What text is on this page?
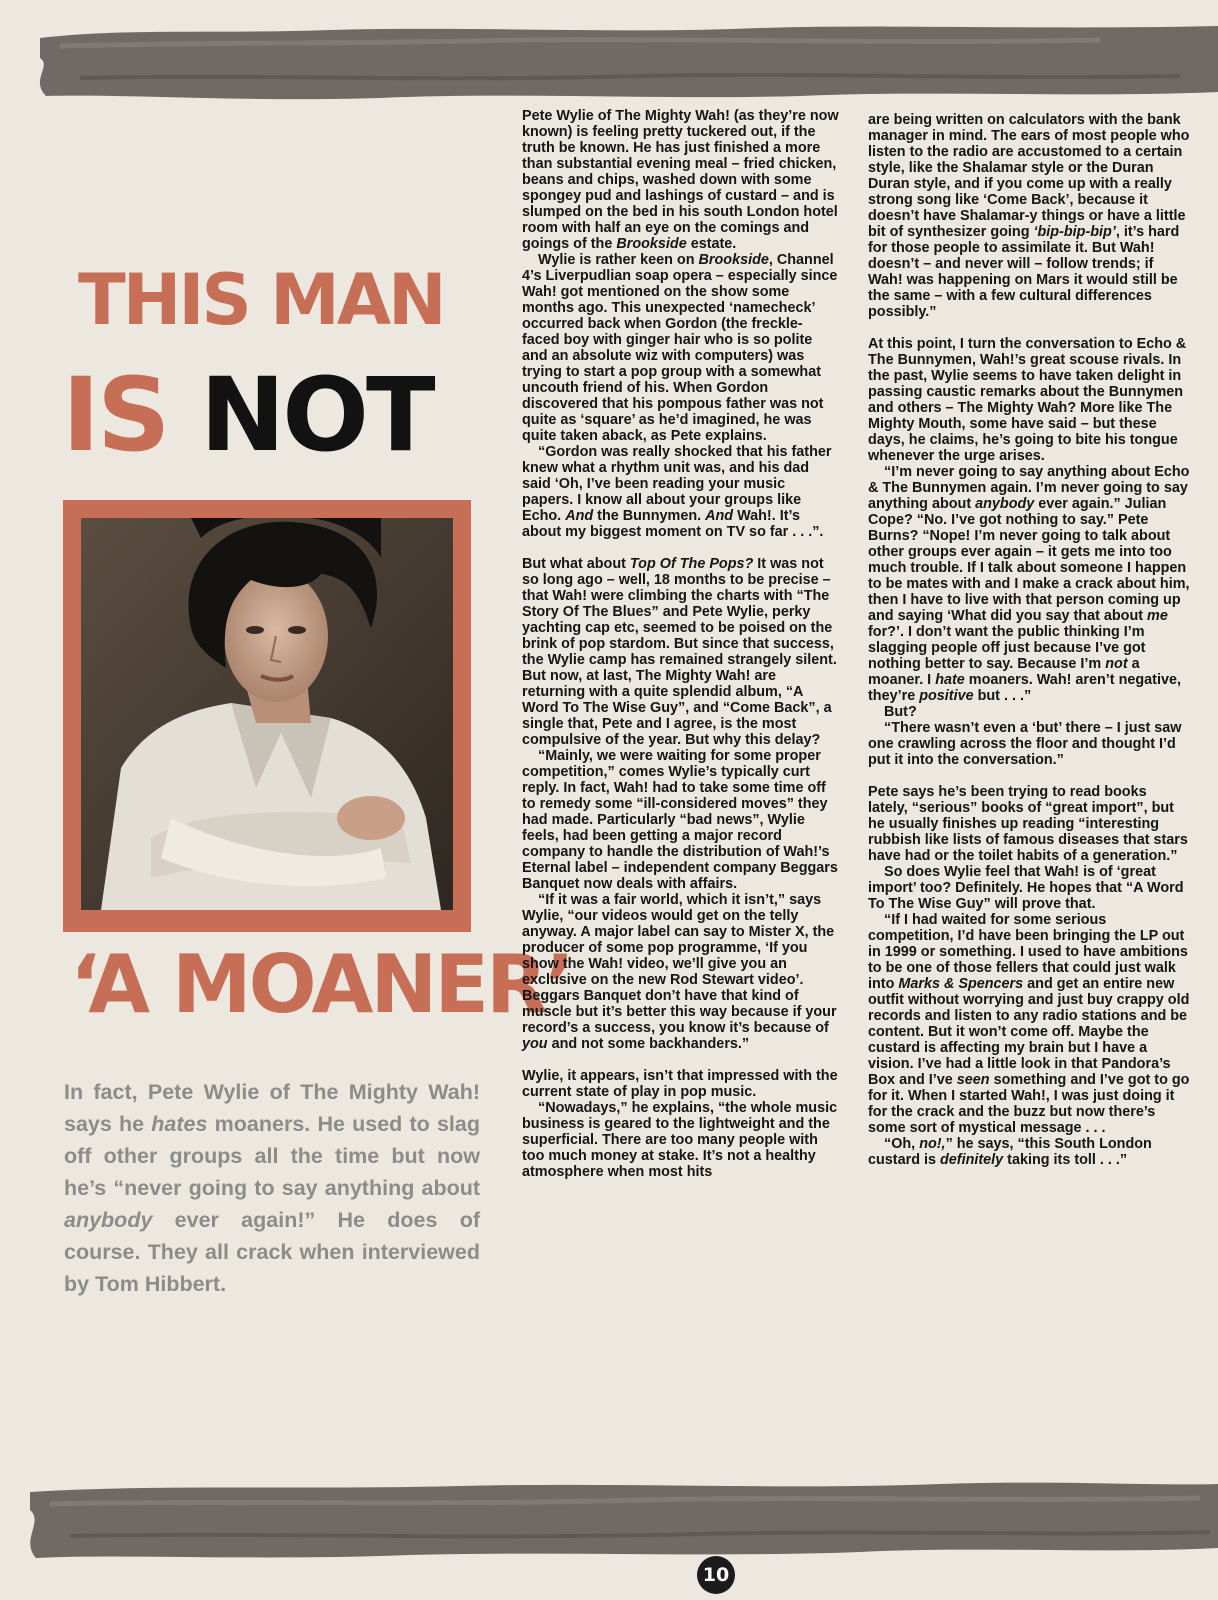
THIS MAN
IS NOT
‘A MOANER’
In fact, Pete Wylie of The Mighty Wah! says he hates moaners. He used to slag off other groups all the time but now he’s “never going to say anything about anybody ever again!” He does of course. They all crack when interviewed by Tom Hibbert.

Pete Wylie of The Mighty Wah! (as they’re now known) is feeling pretty tuckered out, if the truth be known. He has just finished a more than substantial evening meal – fried chicken, beans and chips, washed down with some spongey pud and lashings of custard – and is slumped on the bed in his south London hotel room with half an eye on the comings and goings of the Brookside estate.

Wylie is rather keen on Brookside, Channel 4’s Liverpudlian soap opera – especially since Wah! got mentioned on the show some months ago. This unexpected ‘namecheck’ occurred back when Gordon (the freckle-faced boy with ginger hair who is so polite and an absolute wiz with computers) was trying to start a pop group with a somewhat uncouth friend of his. When Gordon discovered that his pompous father was not quite as ‘square’ as he’d imagined, he was quite taken aback, as Pete explains.

“Gordon was really shocked that his father knew what a rhythm unit was, and his dad said ‘Oh, I’ve been reading your music papers. I know all about your groups like Echo. And the Bunnymen. And Wah!. It’s about my biggest moment on TV so far . . .”.

But what about Top Of The Pops? It was not so long ago – well, 18 months to be precise – that Wah! were climbing the charts with “The Story Of The Blues” and Pete Wylie, perky yachting cap etc, seemed to be poised on the brink of pop stardom. But since that success, the Wylie camp has remained strangely silent. But now, at last, The Mighty Wah! are returning with a quite splendid album, “A Word To The Wise Guy”, and “Come Back”, a single that, Pete and I agree, is the most compulsive of the year. But why this delay?

“Mainly, we were waiting for some proper competition,” comes Wylie’s typically curt reply. In fact, Wah! had to take some time off to remedy some “ill-considered moves” they had made. Particularly “bad news”, Wylie feels, had been getting a major record company to handle the distribution of Wah!’s Eternal label – independent company Beggars Banquet now deals with affairs.

“If it was a fair world, which it isn’t,” says Wylie, “our videos would get on the telly anyway. A major label can say to Mister X, the producer of some pop programme, ‘If you show the Wah! video, we’ll give you an exclusive on the new Rod Stewart video’. Beggars Banquet don’t have that kind of muscle but it’s better this way because if your record’s a success, you know it’s because of you and not some backhanders.”

Wylie, it appears, isn’t that impressed with the current state of play in pop music.

“Nowadays,” he explains, “the whole music business is geared to the lightweight and the superficial. There are too many people with too much money at stake. It’s not a healthy atmosphere when most hits

are being written on calculators with the bank manager in mind. The ears of most people who listen to the radio are accustomed to a certain style, like the Shalamar style or the Duran Duran style, and if you come up with a really strong song like ‘Come Back’, because it doesn’t have Shalamar-y things or have a little bit of synthesizer going ‘bip-bip-bip’, it’s hard for those people to assimilate it. But Wah! doesn’t – and never will – follow trends; if Wah! was happening on Mars it would still be the same – with a few cultural differences possibly.”

At this point, I turn the conversation to Echo & The Bunnymen, Wah!’s great scouse rivals. In the past, Wylie seems to have taken delight in passing caustic remarks about the Bunnymen and others – The Mighty Wah? More like The Mighty Mouth, some have said – but these days, he claims, he’s going to bite his tongue whenever the urge arises.

“I’m never going to say anything about Echo & The Bunnymen again. I’m never going to say anything about anybody ever again.” Julian Cope? “No. I’ve got nothing to say.” Pete Burns? “Nope! I’m never going to talk about other groups ever again – it gets me into too much trouble. If I talk about someone I happen to be mates with and I make a crack about him, then I have to live with that person coming up and saying ‘What did you say that about me for?’. I don’t want the public thinking I’m slagging people off just because I’ve got nothing better to say. Because I’m not a moaner. I hate moaners. Wah! aren’t negative, they’re positive but . . .”

But?

“There wasn’t even a ‘but’ there – I just saw one crawling across the floor and thought I’d put it into the conversation.”

Pete says he’s been trying to read books lately, “serious” books of “great import”, but he usually finishes up reading “interesting rubbish like lists of famous diseases that stars have had or the toilet habits of a generation.”

So does Wylie feel that Wah! is of ‘great import’ too? Definitely. He hopes that “A Word To The Wise Guy” will prove that.

“If I had waited for some serious competition, I’d have been bringing the LP out in 1999 or something. I used to have ambitions to be one of those fellers that could just walk into Marks & Spencers and get an entire new outfit without worrying and just buy crappy old records and listen to any radio stations and be content. But it won’t come off. Maybe the custard is affecting my brain but I have a vision. I’ve had a little look in that Pandora’s Box and I’ve seen something and I’ve got to go for it. When I started Wah!, I was just doing it for the crack and the buzz but now there’s some sort of mystical message . . .

“Oh, no!,” he says, “this South London custard is definitely taking its toll . . .”

10
